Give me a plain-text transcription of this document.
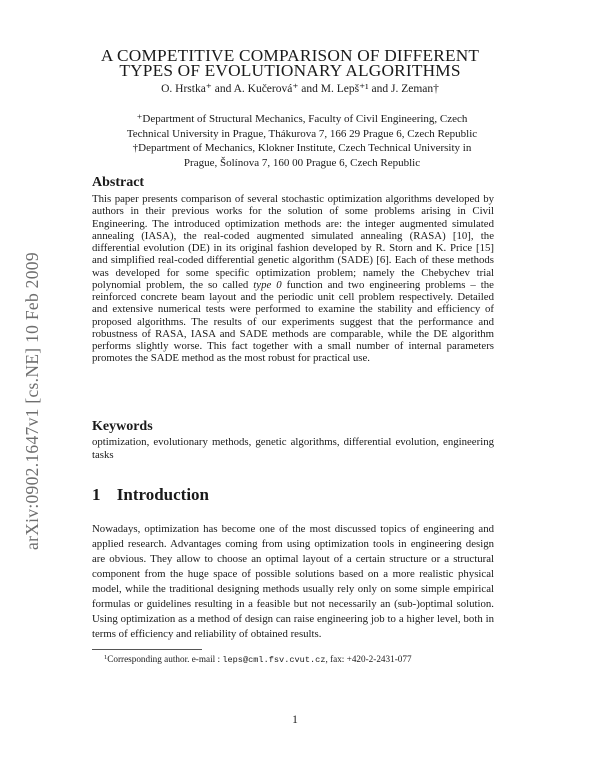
arXiv:0902.1647v1 [cs.NE] 10 Feb 2009
A COMPETITIVE COMPARISON OF DIFFERENT
TYPES OF EVOLUTIONARY ALGORITHMS
O. Hrstka⁺ and A. Kučerová⁺ and M. Lepš⁺¹ and J. Zeman†
⁺Department of Structural Mechanics, Faculty of Civil Engineering, Czech
Technical University in Prague, Thákurova 7, 166 29 Prague 6, Czech Republic
†Department of Mechanics, Klokner Institute, Czech Technical University in
Prague, Šolínova 7, 160 00 Prague 6, Czech Republic
Abstract
This paper presents comparison of several stochastic optimization algorithms developed by authors in their previous works for the solution of some problems arising in Civil Engineering. The introduced optimization methods are: the integer augmented simulated annealing (IASA), the real-coded augmented simulated annealing (RASA) [10], the differential evolution (DE) in its original fashion developed by R. Storn and K. Price [15] and simplified real-coded differential genetic algorithm (SADE) [6]. Each of these methods was developed for some specific optimization problem; namely the Chebychev trial polynomial problem, the so called type 0 function and two engineering problems – the reinforced concrete beam layout and the periodic unit cell problem respectively. Detailed and extensive numerical tests were performed to examine the stability and efficiency of proposed algorithms. The results of our experiments suggest that the performance and robustness of RASA, IASA and SADE methods are comparable, while the DE algorithm performs slightly worse. This fact together with a small number of internal parameters promotes the SADE method as the most robust for practical use.
Keywords
optimization, evolutionary methods, genetic algorithms, differential evolution, engineering tasks
1 Introduction
Nowadays, optimization has become one of the most discussed topics of engineering and applied research. Advantages coming from using optimization tools in engineering design are obvious. They allow to choose an optimal layout of a certain structure or a structural component from the huge space of possible solutions based on a more realistic physical model, while the traditional designing methods usually rely only on some simple empirical formulas or guidelines resulting in a feasible but not necessarily an (sub-)optimal solution. Using optimization as a method of design can raise engineering job to a higher level, both in terms of efficiency and reliability of obtained results.
$^1$Corresponding author. e-mail : leps@cml.fsv.cvut.cz, fax: +420-2-2431-077
1
